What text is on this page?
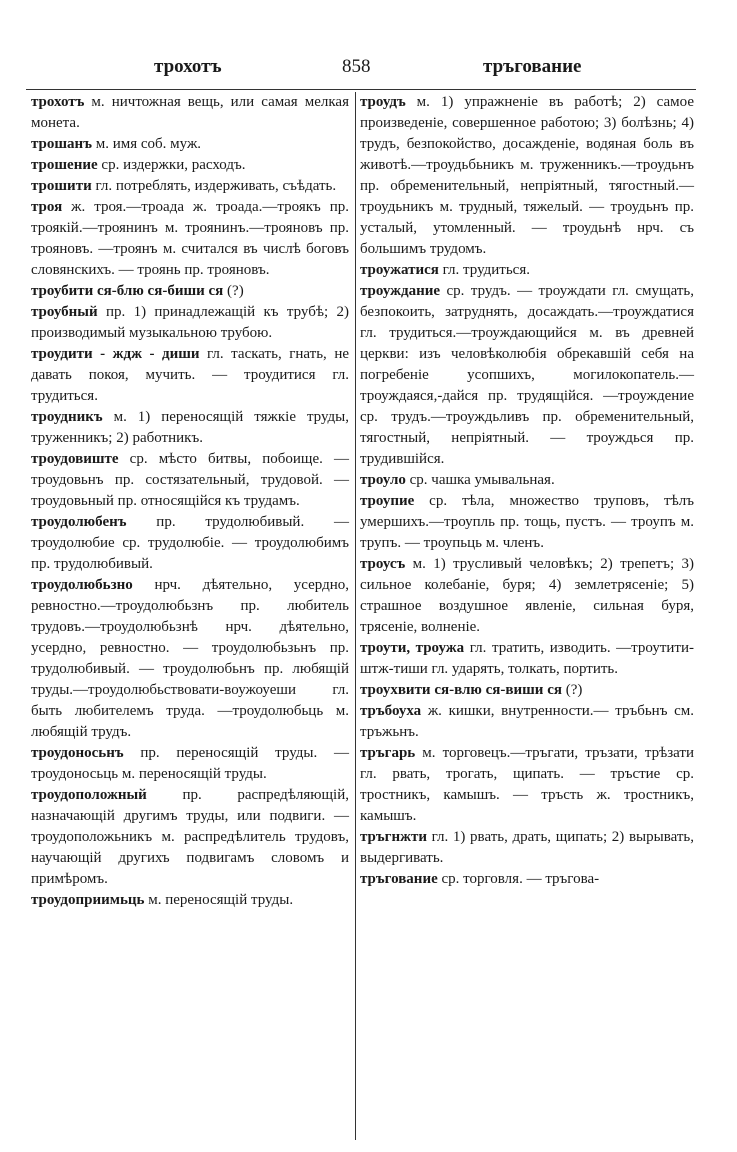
трохотъ	858	тръгование

трохотъ м. ничтожная вещь, или самая мелкая монета.

трошанъ м. имя соб. муж.

трошение ср. издержки, расходъ.

трошити гл. потреблять, издерживать, съѣдать.

троя ж. троя.—троада ж. троада.—троякъ пр. троякій.—троянинъ м. троянинъ.—трояновъ пр. трояновъ. —троянъ м. считался въ числѣ боговъ словянскихъ. — троянь пр. трояновъ.

троубити ся-блю ся-биши ся (?)

троубный пр. 1) принадлежащій къ трубѣ; 2) производимый музыкальною трубою.

троудити - ждж - диши гл. таскать, гнать, не давать покоя, мучить. — троудитися гл. трудиться.

троудникъ м. 1) переносящій тяжкіе труды, труженникъ; 2) работникъ.

троудовиште ср. мѣсто битвы, побоище. — троудовьнъ пр. состязательный, трудовой. — троудовьный пр. относящійся къ трудамъ.

троудолюбенъ пр. трудолюбивый. — троудолюбие ср. трудолюбіе. — троудолюбимъ пр. трудолюбивый.

троудолюбьзно нрч. дѣятельно, усердно, ревностно.—троудолюбьзнъ пр. любитель трудовъ.—троудолюбьзнѣ нрч. дѣятельно, усердно, ревностно. — троудолюбьзьнъ пр. трудолюбивый. — троудолюбьнъ пр. любящій труды.—троудолюбьствовати-воужоуеши гл. быть любителемъ труда. —троудолюбьць м. любящій трудъ.

троудоносьнъ пр. переносящій труды. — троудоносьць м. переносящій труды.

троудоположный пр. распредѣляющій, назначающій другимъ труды, или подвиги. — троудоположьникъ м. распредѣлитель трудовъ, научающій другихъ подвигамъ словомъ и примѣромъ.

троудоприимьць м. переносящій труды.

троудъ м. 1) упражненіе въ работѣ; 2) самое произведеніе, совершенное работою; 3) болѣзнь; 4) трудъ, безпокойство, досажденіе, водяная боль въ животѣ.—троудьбьникъ м. труженникъ.—троудьнъ пр. обременительный, непріятный, тягостный.—троудьникъ м. трудный, тяжелый. — троудьнъ пр. усталый, утомленный. — троудьнѣ нрч. съ большимъ трудомъ.

троужатися гл. трудиться.

троуждание ср. трудъ. — троуждати гл. смущать, безпокоить, затруднять, досаждать.—троуждатися гл. трудиться.—троуждающийся м. въ древней церкви: изъ человѣколюбія обрекавшій себя на погребеніе усопшихъ, могилокопатель.— троуждаяся,-дайся пр. трудящійся. —троуждение ср. трудъ.—троуждьливъ пр. обременительный, тягостный, непріятный. — троуждься пр. трудившійся.

троуло ср. чашка умывальная.

троупие ср. тѣла, множество труповъ, тѣлъ умершихъ.—троупль пр. тощь, пустъ. — троупъ м. трупъ. — троупьць м. членъ.

троусъ м. 1) трусливый человѣкъ; 2) трепетъ; 3) сильное колебаніе, буря; 4) землетрясеніе; 5) страшное воздушное явленіе, сильная буря, трясеніе, волненіе.

троути, троужа гл. тратить, изводить. —троутити-штж-тиши гл. ударять, толкать, портить.

троухвити ся-влю ся-виши ся (?)

тръбоуха ж. кишки, внутренности.— тръбьнъ см. тръжьнъ.

тръгарь м. торговецъ.—тръгати, тръзати, трѣзати гл. рвать, трогать, щипать. — тръстие ср. тростникъ, камышъ. — тръсть ж. тростникъ, камышъ.

тръгнжти гл. 1) рвать, драть, щипать; 2) вырывать, выдергивать.

тръгование ср. торговля. — тръгова-
